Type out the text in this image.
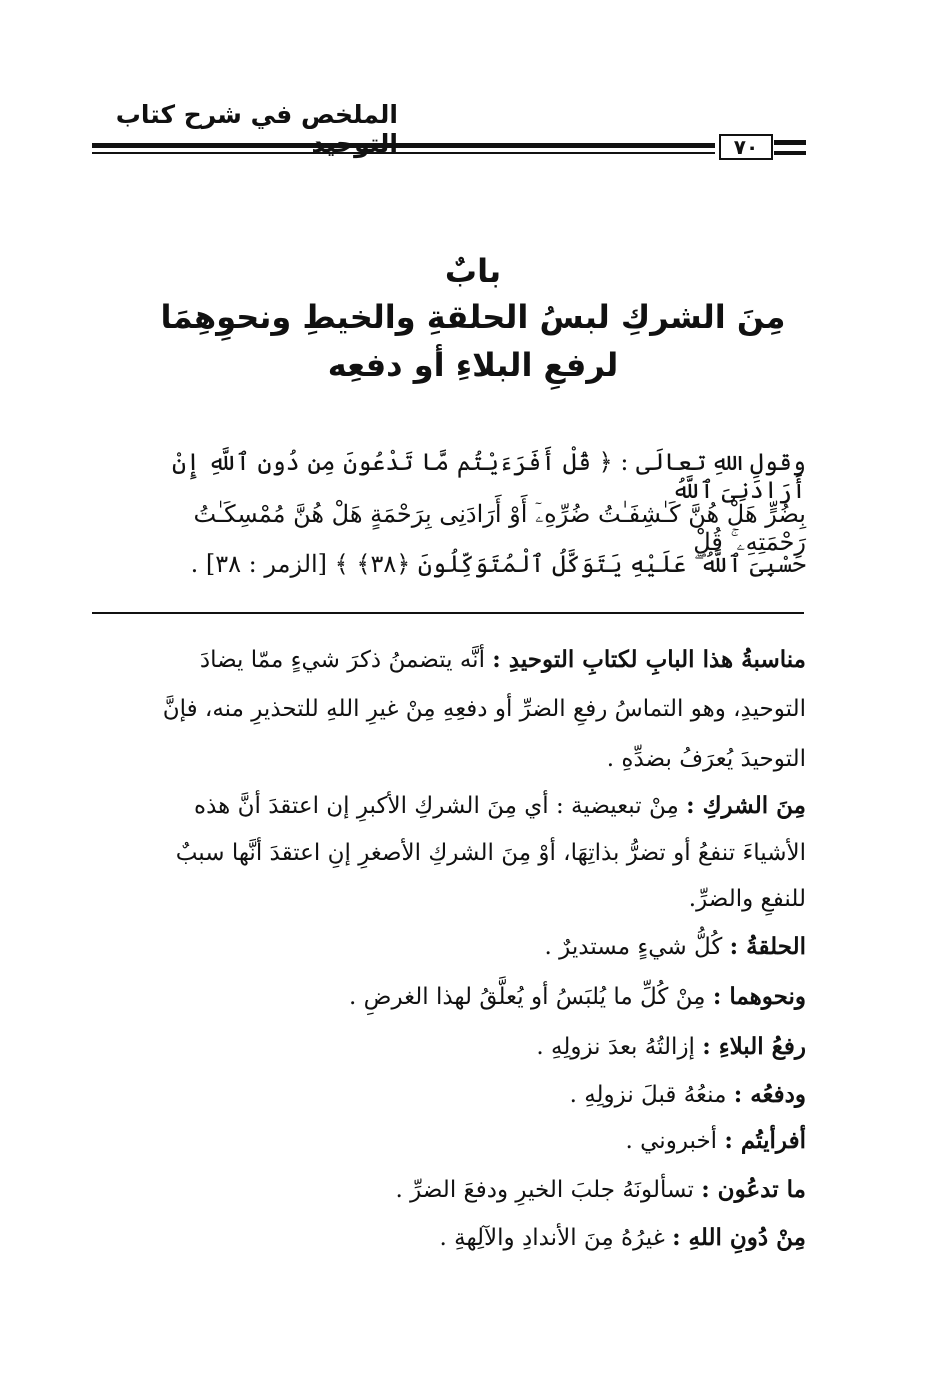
الملخص في شرح كتاب
٧٠
بابٌ
مِنَ الشركِ لبسُ الحلقةِ والخيطِ ونحوِهِمَا
لرفعِ البلاءِ أو دفعِه
وقولِ اللهِ تعالَى : ﴿ قُلْ أَفَرَءَيْتُم مَّا تَدْعُونَ مِن دُونِ ٱللَّهِ إِنْ أَرَادَنِىَ ٱللَّهُ
بِضُرٍّ هَلْ هُنَّ كَـٰشِفَـٰتُ ضُرِّهِۦٓ أَوْ أَرَادَنِى بِرَحْمَةٍ هَلْ هُنَّ مُمْسِكَـٰتُ رَحْمَتِهِۦ ۚ قُلْ
حَسْبِىَ ٱللَّهُ ۖ عَلَيْهِ يَتَوَكَّلُ ٱلْمُتَوَكِّلُونَ ﴿٣٨﴾ ﴾ [الزمر : ٣٨] .
مناسبةُ هذا البابِ لكتابِ التوحيدِ : أنَّه يتضمنُ ذكرَ شيءٍ ممّا يضادَ
التوحيدِ، وهو التماسُ رفعِ الضرِّ أو دفعِهِ مِنْ غيرِ اللهِ للتحذيرِ منه، فإنَّ
التوحيدَ يُعرَفُ بضدِّهِ .
مِنَ الشركِ : مِنْ تبعيضية : أي مِنَ الشركِ الأكبرِ إن اعتقدَ أنَّ هذه
الأشياءَ تنفعُ أو تضرُّ بذاتِهَا، أوْ مِنَ الشركِ الأصغرِ إنِ اعتقدَ أنَّها سببٌ
للنفعِ والضرِّ.
الحلقةُ : كُلُّ شيءٍ مستديرٌ .
ونحوهما : مِنْ كُلِّ ما يُلبَسُ أو يُعلَّقُ لهذا الغرضِ .
رفعُ البلاءِ : إزالتُهُ بعدَ نزولِهِ .
ودفعُه : منعُهُ قبلَ نزولِهِ .
أفرأيتُم : أخبروني .
ما تدعُون : تسألونَهُ جلبَ الخيرِ ودفعَ الضرِّ .
مِنْ دُونِ اللهِ : غيرُهُ مِنَ الأندادِ والآلِهةِ .
